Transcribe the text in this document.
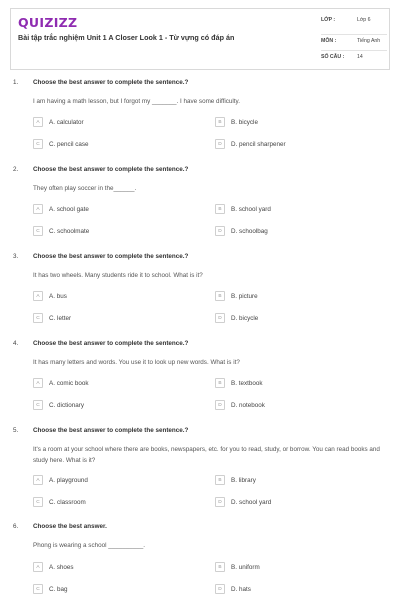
QUIZIZZ
Bài tập trắc nghiệm Unit 1 A Closer Look 1 - Từ vựng có đáp án
LỚP :	Lớp 6
MÔN :	Tiếng Anh
SỐ CÂU :	14
1. Choose the best answer to complete the sentence.?
I am having a math lesson, but I forgot my _______. I have some difficulty.
A	A. calculator	B	B. bicycle
C	C. pencil case	D	D. pencil sharpener
2. Choose the best answer to complete the sentence.?
They often play soccer in the______.
A	A. school gate	B	B. school yard
C	C. schoolmate	D	D. schoolbag
3. Choose the best answer to complete the sentence.?
It has two wheels. Many students ride it to school. What is it?
A	A. bus	B	B. picture
C	C. letter	D	D. bicycle
4. Choose the best answer to complete the sentence.?
It has many letters and words. You use it to look up new words. What is it?
A	A. comic book	B	B. textbook
C	C. dictionary	D	D. notebook
5. Choose the best answer to complete the sentence.?
It's a room at your school where there are books, newspapers, etc. for you to read, study, or borrow. You can read books and study here. What is it?
A	A. playground	B	B. library
C	C. classroom	D	D. school yard
6. Choose the best answer.
Phong is wearing a school __________.
A	A. shoes	B	B. uniform
C	C. bag	D	D. hats
